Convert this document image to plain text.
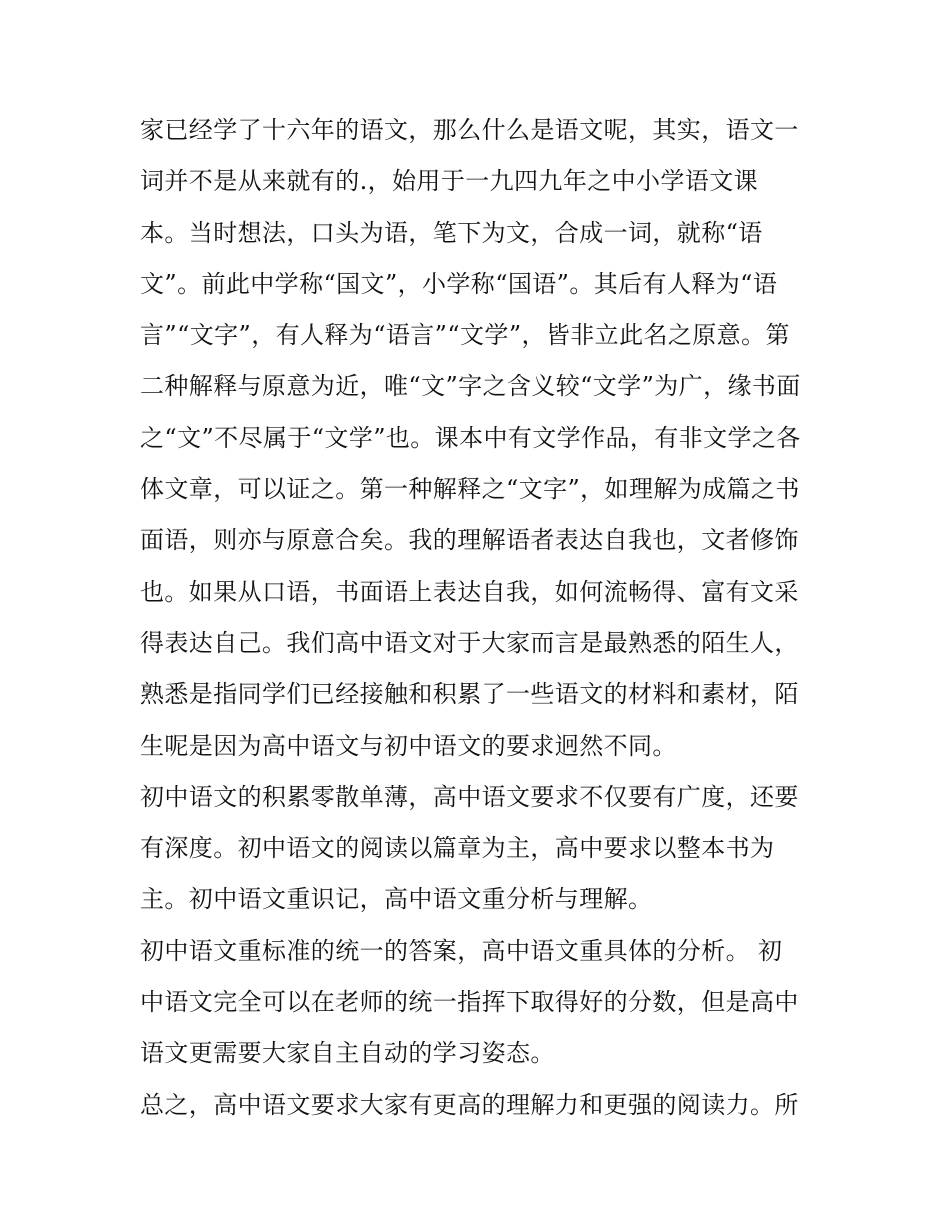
家已经学了十六年的语文，那么什么是语文呢，其实，语文一
词并不是从来就有的.，始用于一九四九年之中小学语文课
本。当时想法，口头为语，笔下为文，合成一词，就称“语
文”。前此中学称“国文”，小学称“国语”。其后有人释为“语
言”“文字”，有人释为“语言”“文学”，皆非立此名之原意。第
二种解释与原意为近，唯“文”字之含义较“文学”为广，缘书面
之“文”不尽属于“文学”也。课本中有文学作品，有非文学之各
体文章，可以证之。第一种解释之“文字”，如理解为成篇之书
面语，则亦与原意合矣。我的理解语者表达自我也，文者修饰
也。如果从口语，书面语上表达自我，如何流畅得、富有文采
得表达自己。我们高中语文对于大家而言是最熟悉的陌生人，
熟悉是指同学们已经接触和积累了一些语文的材料和素材，陌
生呢是因为高中语文与初中语文的要求迥然不同。
初中语文的积累零散单薄，高中语文要求不仅要有广度，还要
有深度。初中语文的阅读以篇章为主，高中要求以整本书为
主。初中语文重识记，高中语文重分析与理解。
初中语文重标准的统一的答案，高中语文重具体的分析。 初
中语文完全可以在老师的统一指挥下取得好的分数，但是高中
语文更需要大家自主自动的学习姿态。
总之，高中语文要求大家有更高的理解力和更强的阅读力。所
